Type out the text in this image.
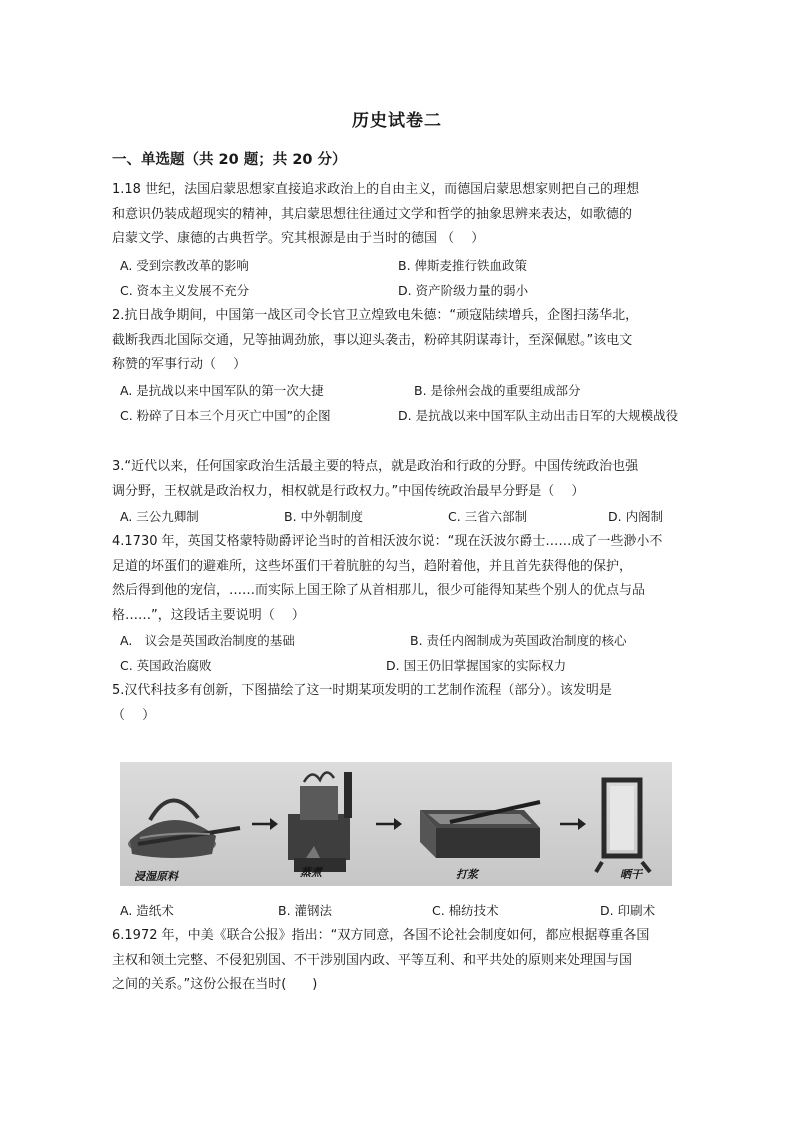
历史试卷二
一、单选题（共 20 题；共 20 分）
1.18 世纪，法国启蒙思想家直接追求政治上的自由主义，而德国启蒙思想家则把自己的理想
和意识仍装成超现实的精神，其启蒙思想往往通过文学和哲学的抽象思辨来表达，如歌德的
启蒙文学、康德的古典哲学。究其根源是由于当时的德国 （　 ）
A. 受到宗教改革的影响	B. 俾斯麦推行铁血政策
C. 资本主义发展不充分	D. 资产阶级力量的弱小
2.抗日战争期间，中国第一战区司令长官卫立煌致电朱德：“顽寇陆续增兵，企图扫荡华北，
截断我西北国际交通，兄等抽调劲旅，事以迎头袭击，粉碎其阴谋毒计，至深佩慰。”该电文
称赞的军事行动（　 ）
A. 是抗战以来中国军队的第一次大捷	B. 是徐州会战的重要组成部分
C. 粉碎了日本三个月灭亡中国”的企图	D. 是抗战以来中国军队主动出击日军的大规模战役
3.“近代以来，任何国家政治生活最主要的特点，就是政治和行政的分野。中国传统政治也强
调分野，王权就是政治权力，相权就是行政权力。”中国传统政治最早分野是（　 ）
A. 三公九卿制	B. 中外朝制度	C. 三省六部制	D. 内阁制
4.1730 年，英国艾格蒙特勋爵评论当时的首相沃波尔说：“现在沃波尔爵士……成了一些渺小不
足道的坏蛋们的避难所，这些坏蛋们干着肮脏的勾当，趋附着他，并且首先获得他的保护，
然后得到他的宠信，……而实际上国王除了从首相那儿，很少可能得知某些个别人的优点与品
格……”，这段话主要说明（　 ）
A.　议会是英国政治制度的基础	B. 责任内阁制成为英国政治制度的核心
C. 英国政治腐败	D. 国王仍旧掌握国家的实际权力
5.汉代科技多有创新，下图描绘了这一时期某项发明的工艺制作流程（部分）。该发明是
（　 ）
浸湿原料	蒸煮	打浆	晒干
A. 造纸术	B. 灌钢法	C. 棉纺技术	D. 印刷术
6.1972 年，中美《联合公报》指出：“双方同意，各国不论社会制度如何，都应根据尊重各国
主权和领土完整、不侵犯别国、不干涉别国内政、平等互利、和平共处的原则来处理国与国
之间的关系。”这份公报在当时(　　)
